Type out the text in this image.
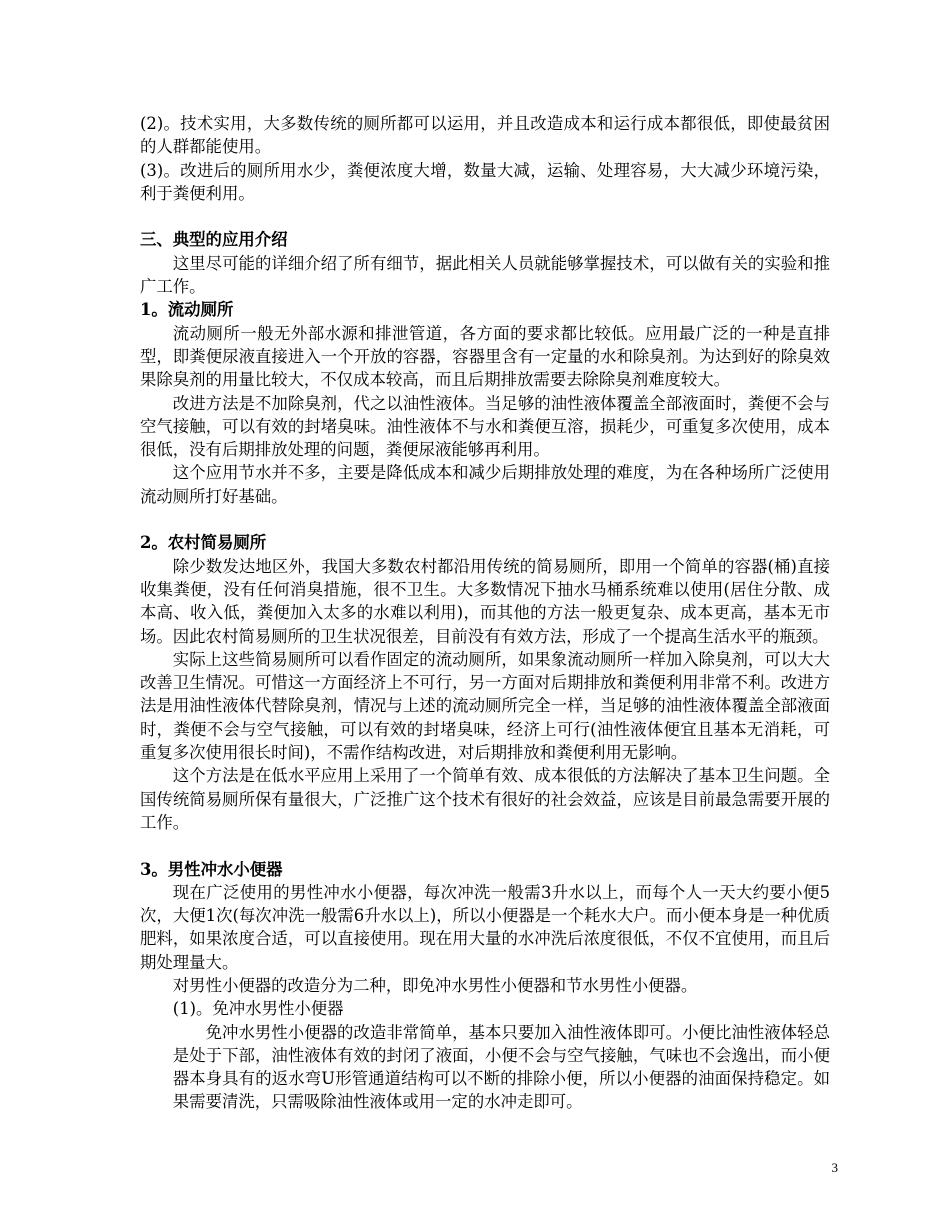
(2)。技术实用，大多数传统的厕所都可以运用，并且改造成本和运行成本都很低，即使最贫困的人群都能使用。

(3)。改进后的厕所用水少，粪便浓度大增，数量大减，运输、处理容易，大大减少环境污染，利于粪便利用。

三、典型的应用介绍

这里尽可能的详细介绍了所有细节，据此相关人员就能够掌握技术，可以做有关的实验和推广工作。

1。流动厕所

流动厕所一般无外部水源和排泄管道，各方面的要求都比较低。应用最广泛的一种是直排型，即粪便尿液直接进入一个开放的容器，容器里含有一定量的水和除臭剂。为达到好的除臭效果除臭剂的用量比较大，不仅成本较高，而且后期排放需要去除除臭剂难度较大。

改进方法是不加除臭剂，代之以油性液体。当足够的油性液体覆盖全部液面时，粪便不会与空气接触，可以有效的封堵臭味。油性液体不与水和粪便互溶，损耗少，可重复多次使用，成本很低，没有后期排放处理的问题，粪便尿液能够再利用。

这个应用节水并不多，主要是降低成本和减少后期排放处理的难度，为在各种场所广泛使用流动厕所打好基础。

2。农村简易厕所

除少数发达地区外，我国大多数农村都沿用传统的简易厕所，即用一个简单的容器(桶)直接收集粪便，没有任何消臭措施，很不卫生。大多数情况下抽水马桶系统难以使用(居住分散、成本高、收入低，粪便加入太多的水难以利用)，而其他的方法一般更复杂、成本更高，基本无市场。因此农村简易厕所的卫生状况很差，目前没有有效方法，形成了一个提高生活水平的瓶颈。

实际上这些简易厕所可以看作固定的流动厕所，如果象流动厕所一样加入除臭剂，可以大大改善卫生情况。可惜这一方面经济上不可行，另一方面对后期排放和粪便利用非常不利。改进方法是用油性液体代替除臭剂，情况与上述的流动厕所完全一样，当足够的油性液体覆盖全部液面时，粪便不会与空气接触，可以有效的封堵臭味，经济上可行(油性液体便宜且基本无消耗，可重复多次使用很长时间)，不需作结构改进，对后期排放和粪便利用无影响。

这个方法是在低水平应用上采用了一个简单有效、成本很低的方法解决了基本卫生问题。全国传统简易厕所保有量很大，广泛推广这个技术有很好的社会效益，应该是目前最急需要开展的工作。

3。男性冲水小便器

现在广泛使用的男性冲水小便器，每次冲洗一般需3升水以上，而每个人一天大约要小便5次，大便1次(每次冲洗一般需6升水以上)，所以小便器是一个耗水大户。而小便本身是一种优质肥料，如果浓度合适，可以直接使用。现在用大量的水冲洗后浓度很低，不仅不宜使用，而且后期处理量大。

对男性小便器的改造分为二种，即免冲水男性小便器和节水男性小便器。

(1)。免冲水男性小便器

免冲水男性小便器的改造非常简单，基本只要加入油性液体即可。小便比油性液体轻总是处于下部，油性液体有效的封闭了液面，小便不会与空气接触，气味也不会逸出，而小便器本身具有的返水弯U形管通道结构可以不断的排除小便，所以小便器的油面保持稳定。如果需要清洗，只需吸除油性液体或用一定的水冲走即可。

3
